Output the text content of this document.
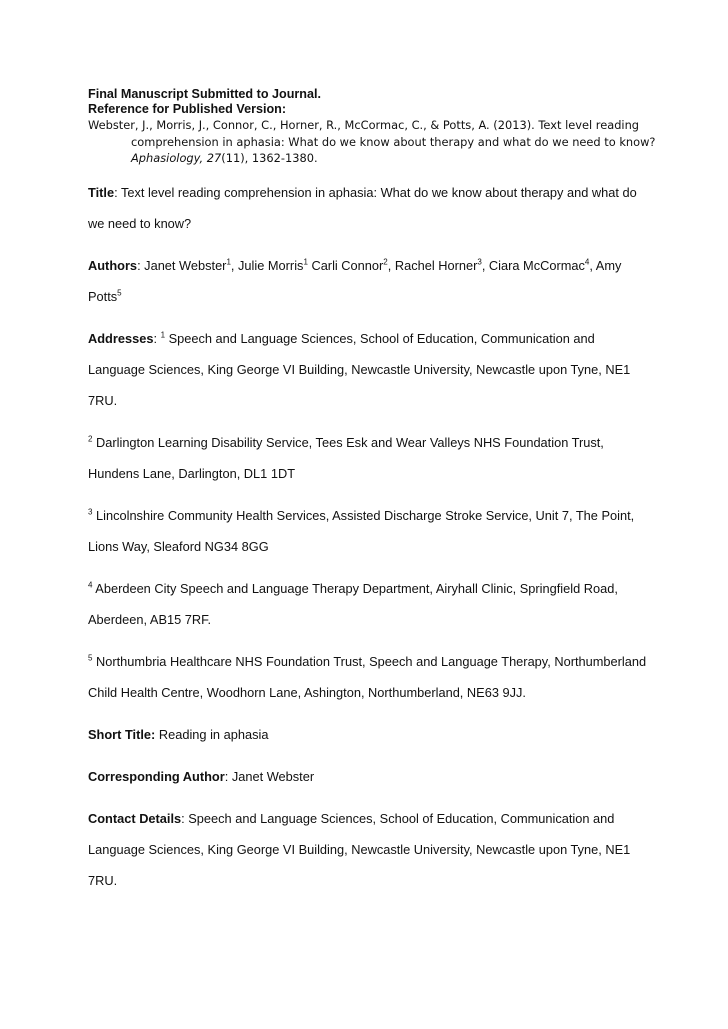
Final Manuscript Submitted to Journal.

Reference for Published Version:

Webster, J., Morris, J., Connor, C., Horner, R., McCormac, C., & Potts, A. (2013). Text level reading comprehension in aphasia: What do we know about therapy and what do we need to know? Aphasiology, 27(11), 1362-1380.

Title: Text level reading comprehension in aphasia: What do we know about therapy and what do we need to know?

Authors: Janet Webster$^1$, Julie Morris$^1$ Carli Connor$^2$, Rachel Horner$^3$, Ciara McCormac$^4$, Amy Potts$^5$

Addresses: $^1$ Speech and Language Sciences, School of Education, Communication and Language Sciences, King George VI Building, Newcastle University, Newcastle upon Tyne, NE1 7RU.

$^2$ Darlington Learning Disability Service, Tees Esk and Wear Valleys NHS Foundation Trust, Hundens Lane, Darlington, DL1 1DT

$^3$ Lincolnshire Community Health Services, Assisted Discharge Stroke Service, Unit 7, The Point, Lions Way, Sleaford NG34 8GG

$^4$ Aberdeen City Speech and Language Therapy Department, Airyhall Clinic, Springfield Road, Aberdeen, AB15 7RF.

$^5$ Northumbria Healthcare NHS Foundation Trust, Speech and Language Therapy, Northumberland Child Health Centre, Woodhorn Lane, Ashington, Northumberland, NE63 9JJ.

Short Title: Reading in aphasia

Corresponding Author: Janet Webster

Contact Details: Speech and Language Sciences, School of Education, Communication and Language Sciences, King George VI Building, Newcastle University, Newcastle upon Tyne, NE1 7RU.
